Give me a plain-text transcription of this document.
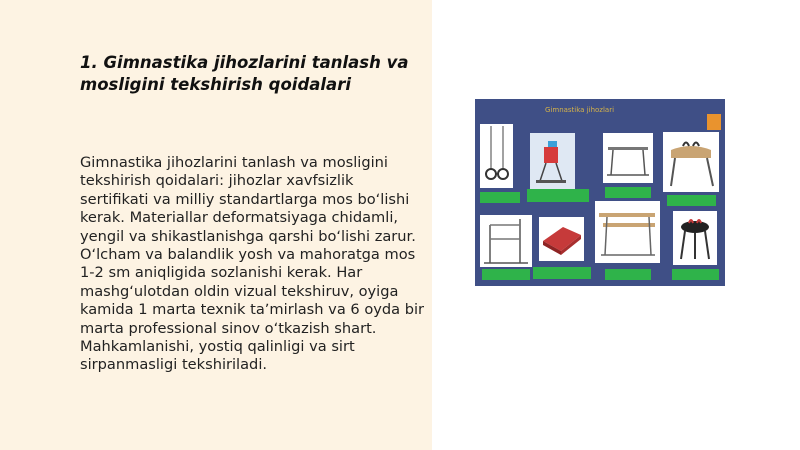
1. Gimnastika jihozlarini tanlash va mosligini tekshirish qoidalari

Gimnastika jihozlarini tanlash va mosligini tekshirish qoidalari: jihozlar xavfsizlik sertifikati va milliy standartlarga mos boʻlishi kerak. Materiallar deformatsiyaga chidamli, yengil va shikastlanishga qarshi boʻlishi zarur. Oʻlcham va balandlik yosh va mahoratga mos 1-2 sm aniqligida sozlanishi kerak. Har mashgʻulotdan oldin vizual tekshiruv, oyiga kamida 1 marta texnik taʼmirlash va 6 oyda bir marta professional sinov oʻtkazish shart. Mahkamlanishi, yostiq qalinligi va sirt sirpanmasligi tekshiriladi.

Gimnastika jihozlari
